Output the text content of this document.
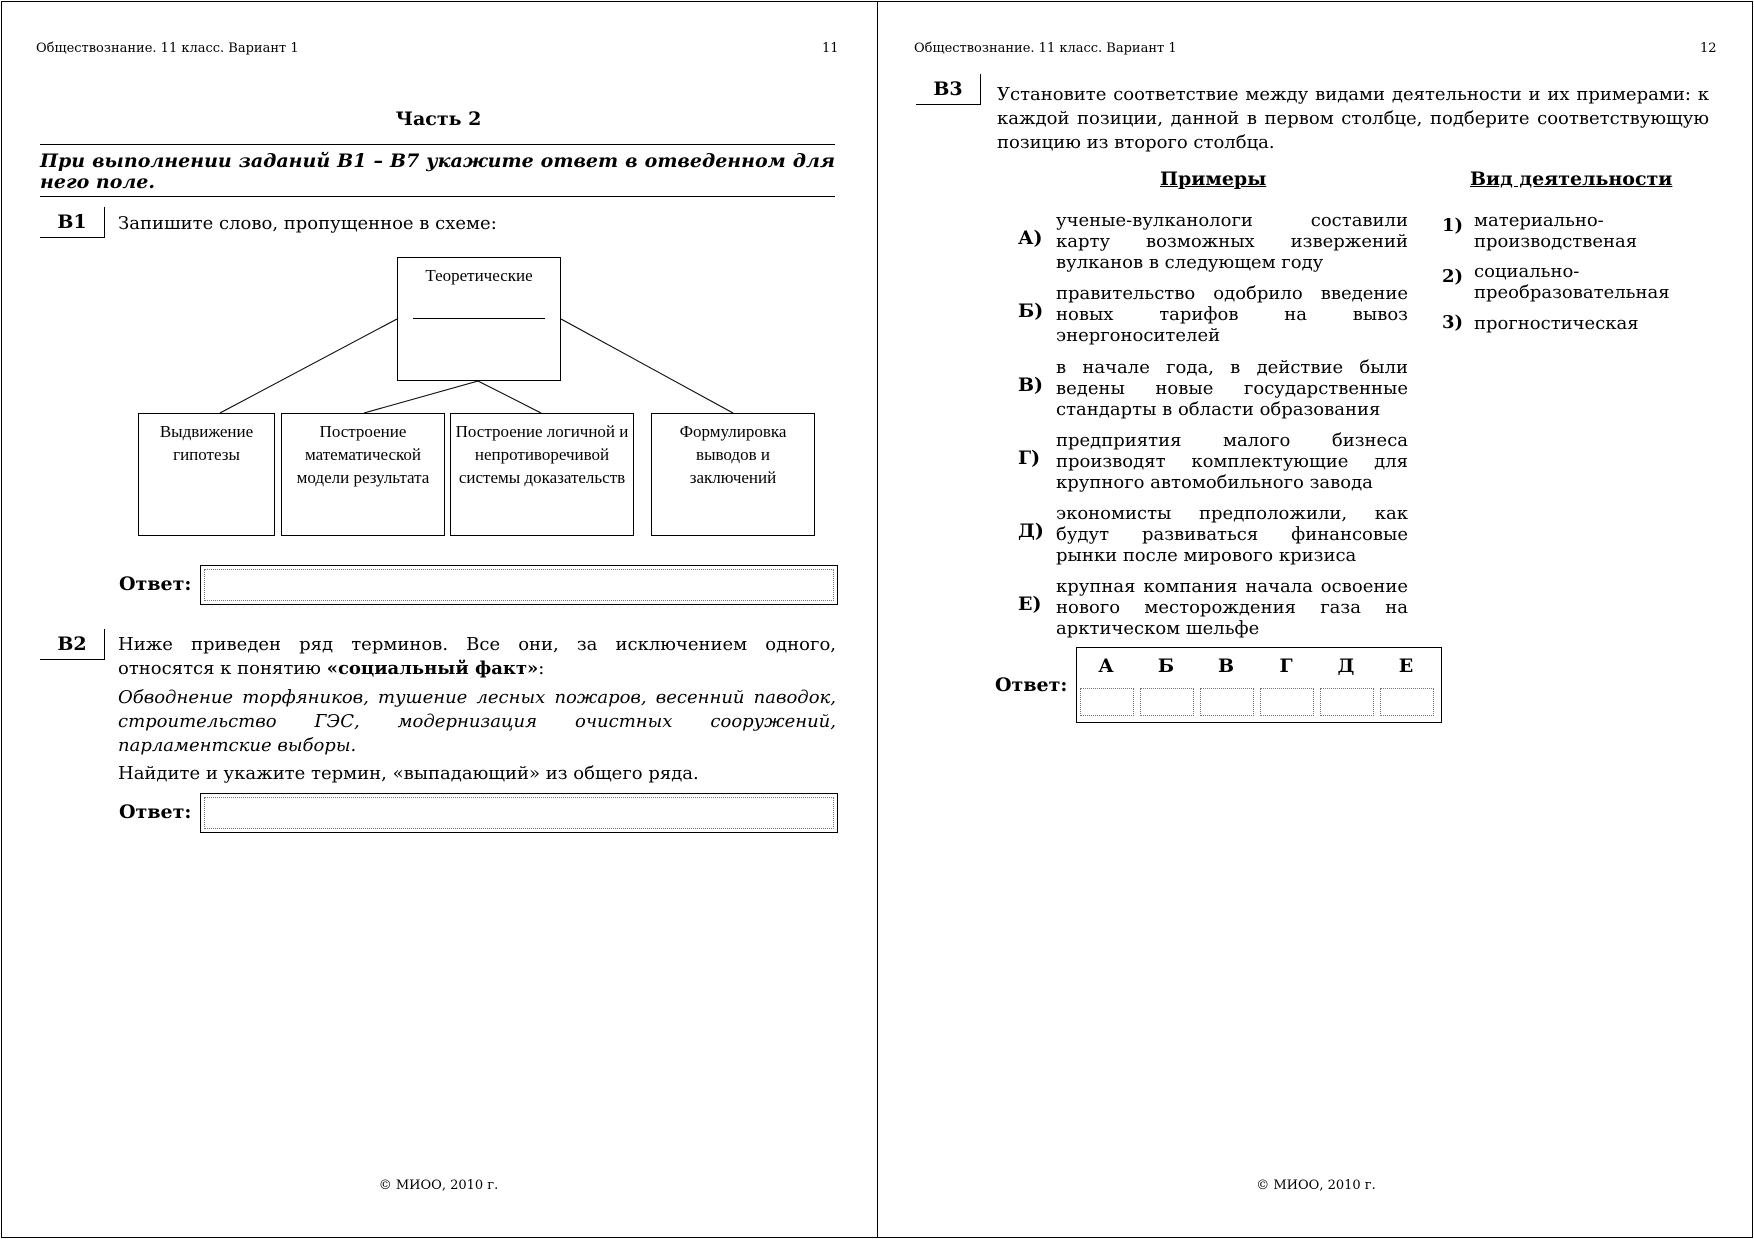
Обществознание. 11 класс. Вариант 1	11
Часть 2
При выполнении заданий В1 – В7 укажите ответ в отведенном для него поле.
В1	Запишите слово, пропущенное в схеме:
Теоретические
Выдвижение гипотезы
Построение математической модели результата
Построение логичной и непротиворечивой системы доказательств
Формулировка выводов и заключений
Ответ:
В2	Ниже приведен ряд терминов. Все они, за исключением одного, относятся к понятию «социальный факт»:
Обводнение торфяников, тушение лесных пожаров, весенний паводок, строительство ГЭС, модернизация очистных сооружений, парламентские выборы.
Найдите и укажите термин, «выпадающий» из общего ряда.
Ответ:
© МИОО, 2010 г.
Обществознание. 11 класс. Вариант 1	12
В3	Установите соответствие между видами деятельности и их примерами: к каждой позиции, данной в первом столбце, подберите соответствующую позицию из второго столбца.
Примеры	Вид деятельности
А)
ученые-вулканологи составили карту возможных извержений вулканов в следующем году
Б)
правительство одобрило введение новых тарифов на вывоз энергоносителей
В)
в начале года, в действие были ведены новые государственные стандарты в области образования
Г)
предприятия малого бизнеса производят комплектующие для крупного автомобильного завода
Д)
экономисты предположили, как будут развиваться финансовые рынки после мирового кризиса
Е)
крупная компания начала освоение нового месторождения газа на арктическом шельфе
1) материально-производственая
2) социально-преобразовательная
3) прогностическая
Ответ:
А	Б	В	Г	Д	Е
© МИОО, 2010 г.
